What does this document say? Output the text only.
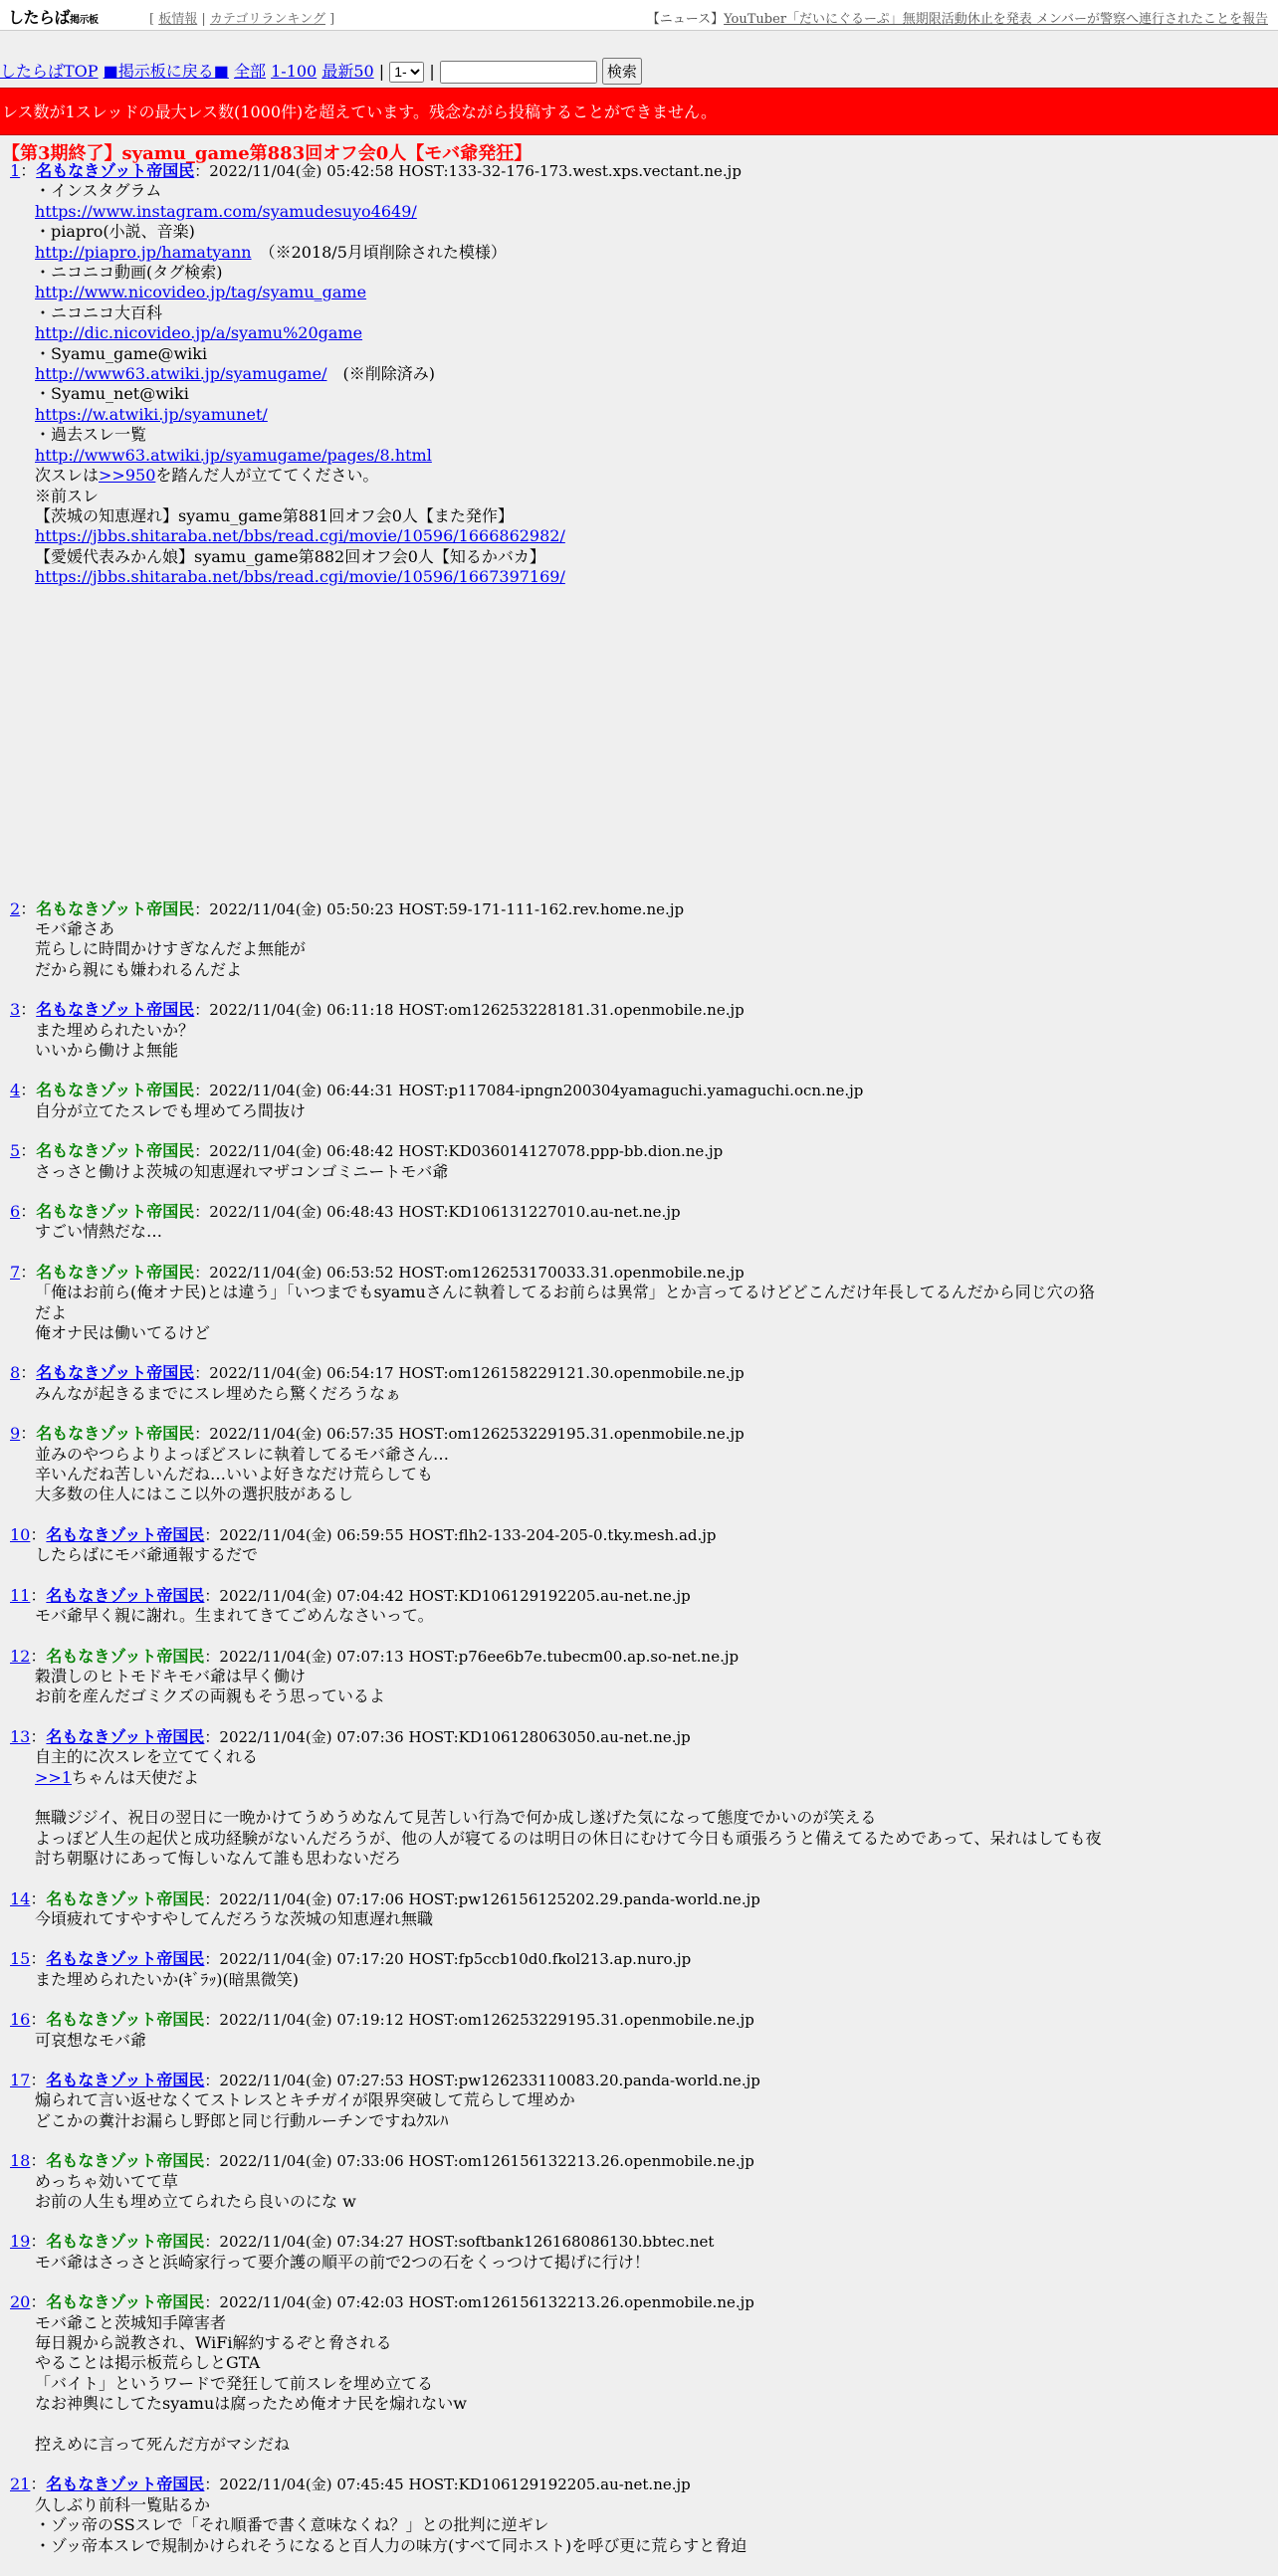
したらば掲示板	[ 板情報 | カテゴリランキング ]	【ニュース】YouTuber「だいにぐるーぷ」無期限活動休止を発表 メンバーが警察へ連行されたことを報告
したらばTOP ■掲示板に戻る■ 全部 1-100 最新50 |
1- |	検索
レス数が1スレッドの最大レス数(1000件)を超えています。残念ながら投稿することができません。
【第3期終了】syamu_game第883回オフ会0人【モバ爺発狂】
1：名もなきゾット帝国民：2022/11/04(金) 05:42:58 HOST:133-32-176-173.west.xps.vectant.ne.jp
・インスタグラム
https://www.instagram.com/syamudesuyo4649/
・piapro(小説、音楽)
http://piapro.jp/hamatyann　（※2018/5月頃削除された模様）
・ニコニコ動画(タグ検索)
http://www.nicovideo.jp/tag/syamu_game
・ニコニコ大百科
http://dic.nicovideo.jp/a/syamu%20game
・Syamu_game@wiki
http://www63.atwiki.jp/syamugame/　(※削除済み)
・Syamu_net@wiki
https://w.atwiki.jp/syamunet/
・過去スレ一覧
http://www63.atwiki.jp/syamugame/pages/8.html
次スレは>>950を踏んだ人が立ててください。
※前スレ
【茨城の知恵遅れ】syamu_game第881回オフ会0人【また発作】
https://jbbs.shitaraba.net/bbs/read.cgi/movie/10596/1666862982/
【愛媛代表みかん娘】syamu_game第882回オフ会0人【知るかバカ】
https://jbbs.shitaraba.net/bbs/read.cgi/movie/10596/1667397169/
2：名もなきゾット帝国民：2022/11/04(金) 05:50:23 HOST:59-171-111-162.rev.home.ne.jp
モバ爺さあ
荒らしに時間かけすぎなんだよ無能が
だから親にも嫌われるんだよ
3：名もなきゾット帝国民：2022/11/04(金) 06:11:18 HOST:om126253228181.31.openmobile.ne.jp
また埋められたいか？
いいから働けよ無能
4：名もなきゾット帝国民：2022/11/04(金) 06:44:31 HOST:p117084-ipngn200304yamaguchi.yamaguchi.ocn.ne.jp
自分が立てたスレでも埋めてろ間抜け
5：名もなきゾット帝国民：2022/11/04(金) 06:48:42 HOST:KD036014127078.ppp-bb.dion.ne.jp
さっさと働けよ茨城の知恵遅れマザコンゴミニートモバ爺
6：名もなきゾット帝国民：2022/11/04(金) 06:48:43 HOST:KD106131227010.au-net.ne.jp
すごい情熱だな…
7：名もなきゾット帝国民：2022/11/04(金) 06:53:52 HOST:om126253170033.31.openmobile.ne.jp
「俺はお前ら(俺オナ民)とは違う」「いつまでもsyamuさんに執着してるお前らは異常」とか言ってるけどどこんだけ年長してるんだから同じ穴の狢だよ
俺オナ民は働いてるけど
8：名もなきゾット帝国民：2022/11/04(金) 06:54:17 HOST:om126158229121.30.openmobile.ne.jp
みんなが起きるまでにスレ埋めたら驚くだろうなぁ
9：名もなきゾット帝国民：2022/11/04(金) 06:57:35 HOST:om126253229195.31.openmobile.ne.jp
並みのやつらよりよっぽどスレに執着してるモバ爺さん…
辛いんだね苦しいんだね…いいよ好きなだけ荒らしても
大多数の住人にはここ以外の選択肢があるし
10：名もなきゾット帝国民：2022/11/04(金) 06:59:55 HOST:flh2-133-204-205-0.tky.mesh.ad.jp
したらばにモバ爺通報するだで
11：名もなきゾット帝国民：2022/11/04(金) 07:04:42 HOST:KD106129192205.au-net.ne.jp
モバ爺早く親に謝れ。生まれてきてごめんなさいって。
12：名もなきゾット帝国民：2022/11/04(金) 07:07:13 HOST:p76ee6b7e.tubecm00.ap.so-net.ne.jp
穀潰しのヒトモドキモバ爺は早く働け
お前を産んだゴミクズの両親もそう思っているよ
13：名もなきゾット帝国民：2022/11/04(金) 07:07:36 HOST:KD106128063050.au-net.ne.jp
自主的に次スレを立ててくれる
>>1ちゃんは天使だよ
無職ジジイ、祝日の翌日に一晩かけてうめうめなんて見苦しい行為で何か成し遂げた気になって態度でかいのが笑える
よっぽど人生の起伏と成功経験がないんだろうが、他の人が寝てるのは明日の休日にむけて今日も頑張ろうと備えてるためであって、呆れはしても夜討ち朝駆けにあって悔しいなんて誰も思わないだろ
14：名もなきゾット帝国民：2022/11/04(金) 07:17:06 HOST:pw126156125202.29.panda-world.ne.jp
今頃疲れてすやすやしてんだろうな茨城の知恵遅れ無職
15：名もなきゾット帝国民：2022/11/04(金) 07:17:20 HOST:fp5ccb10d0.fkol213.ap.nuro.jp
また埋められたいか(ｷﾞﾗｯ)(暗黒微笑)
16：名もなきゾット帝国民：2022/11/04(金) 07:19:12 HOST:om126253229195.31.openmobile.ne.jp
可哀想なモバ爺
17：名もなきゾット帝国民：2022/11/04(金) 07:27:53 HOST:pw126233110083.20.panda-world.ne.jp
煽られて言い返せなくてストレスとキチガイが限界突破して荒らして埋めか
どこかの糞汁お漏らし野郎と同じ行動ルーチンですねｸｽﾚﾊ
18：名もなきゾット帝国民：2022/11/04(金) 07:33:06 HOST:om126156132213.26.openmobile.ne.jp
めっちゃ効いてて草
お前の人生も埋め立てられたら良いのにな w
19：名もなきゾット帝国民：2022/11/04(金) 07:34:27 HOST:softbank126168086130.bbtec.net
モバ爺はさっさと浜崎家行って要介護の順平の前で2つの石をくっつけて掲げに行け！
20：名もなきゾット帝国民：2022/11/04(金) 07:42:03 HOST:om126156132213.26.openmobile.ne.jp
モバ爺こと茨城知手障害者
毎日親から説教され、WiFi解約するぞと脅される
やることは掲示板荒らしとGTA
「バイト」というワードで発狂して前スレを埋め立てる
なお神輿にしてたsyamuは腐ったため俺オナ民を煽れないw
控えめに言って死んだ方がマシだね
21：名もなきゾット帝国民：2022/11/04(金) 07:45:45 HOST:KD106129192205.au-net.ne.jp
久しぶり前科一覧貼るか
・ゾッ帝のSSスレで「それ順番で書く意味なくね？」との批判に逆ギレ
・ゾッ帝本スレで規制かけられそうになると百人力の味方(すべて同ホスト)を呼び更に荒らすと脅迫
